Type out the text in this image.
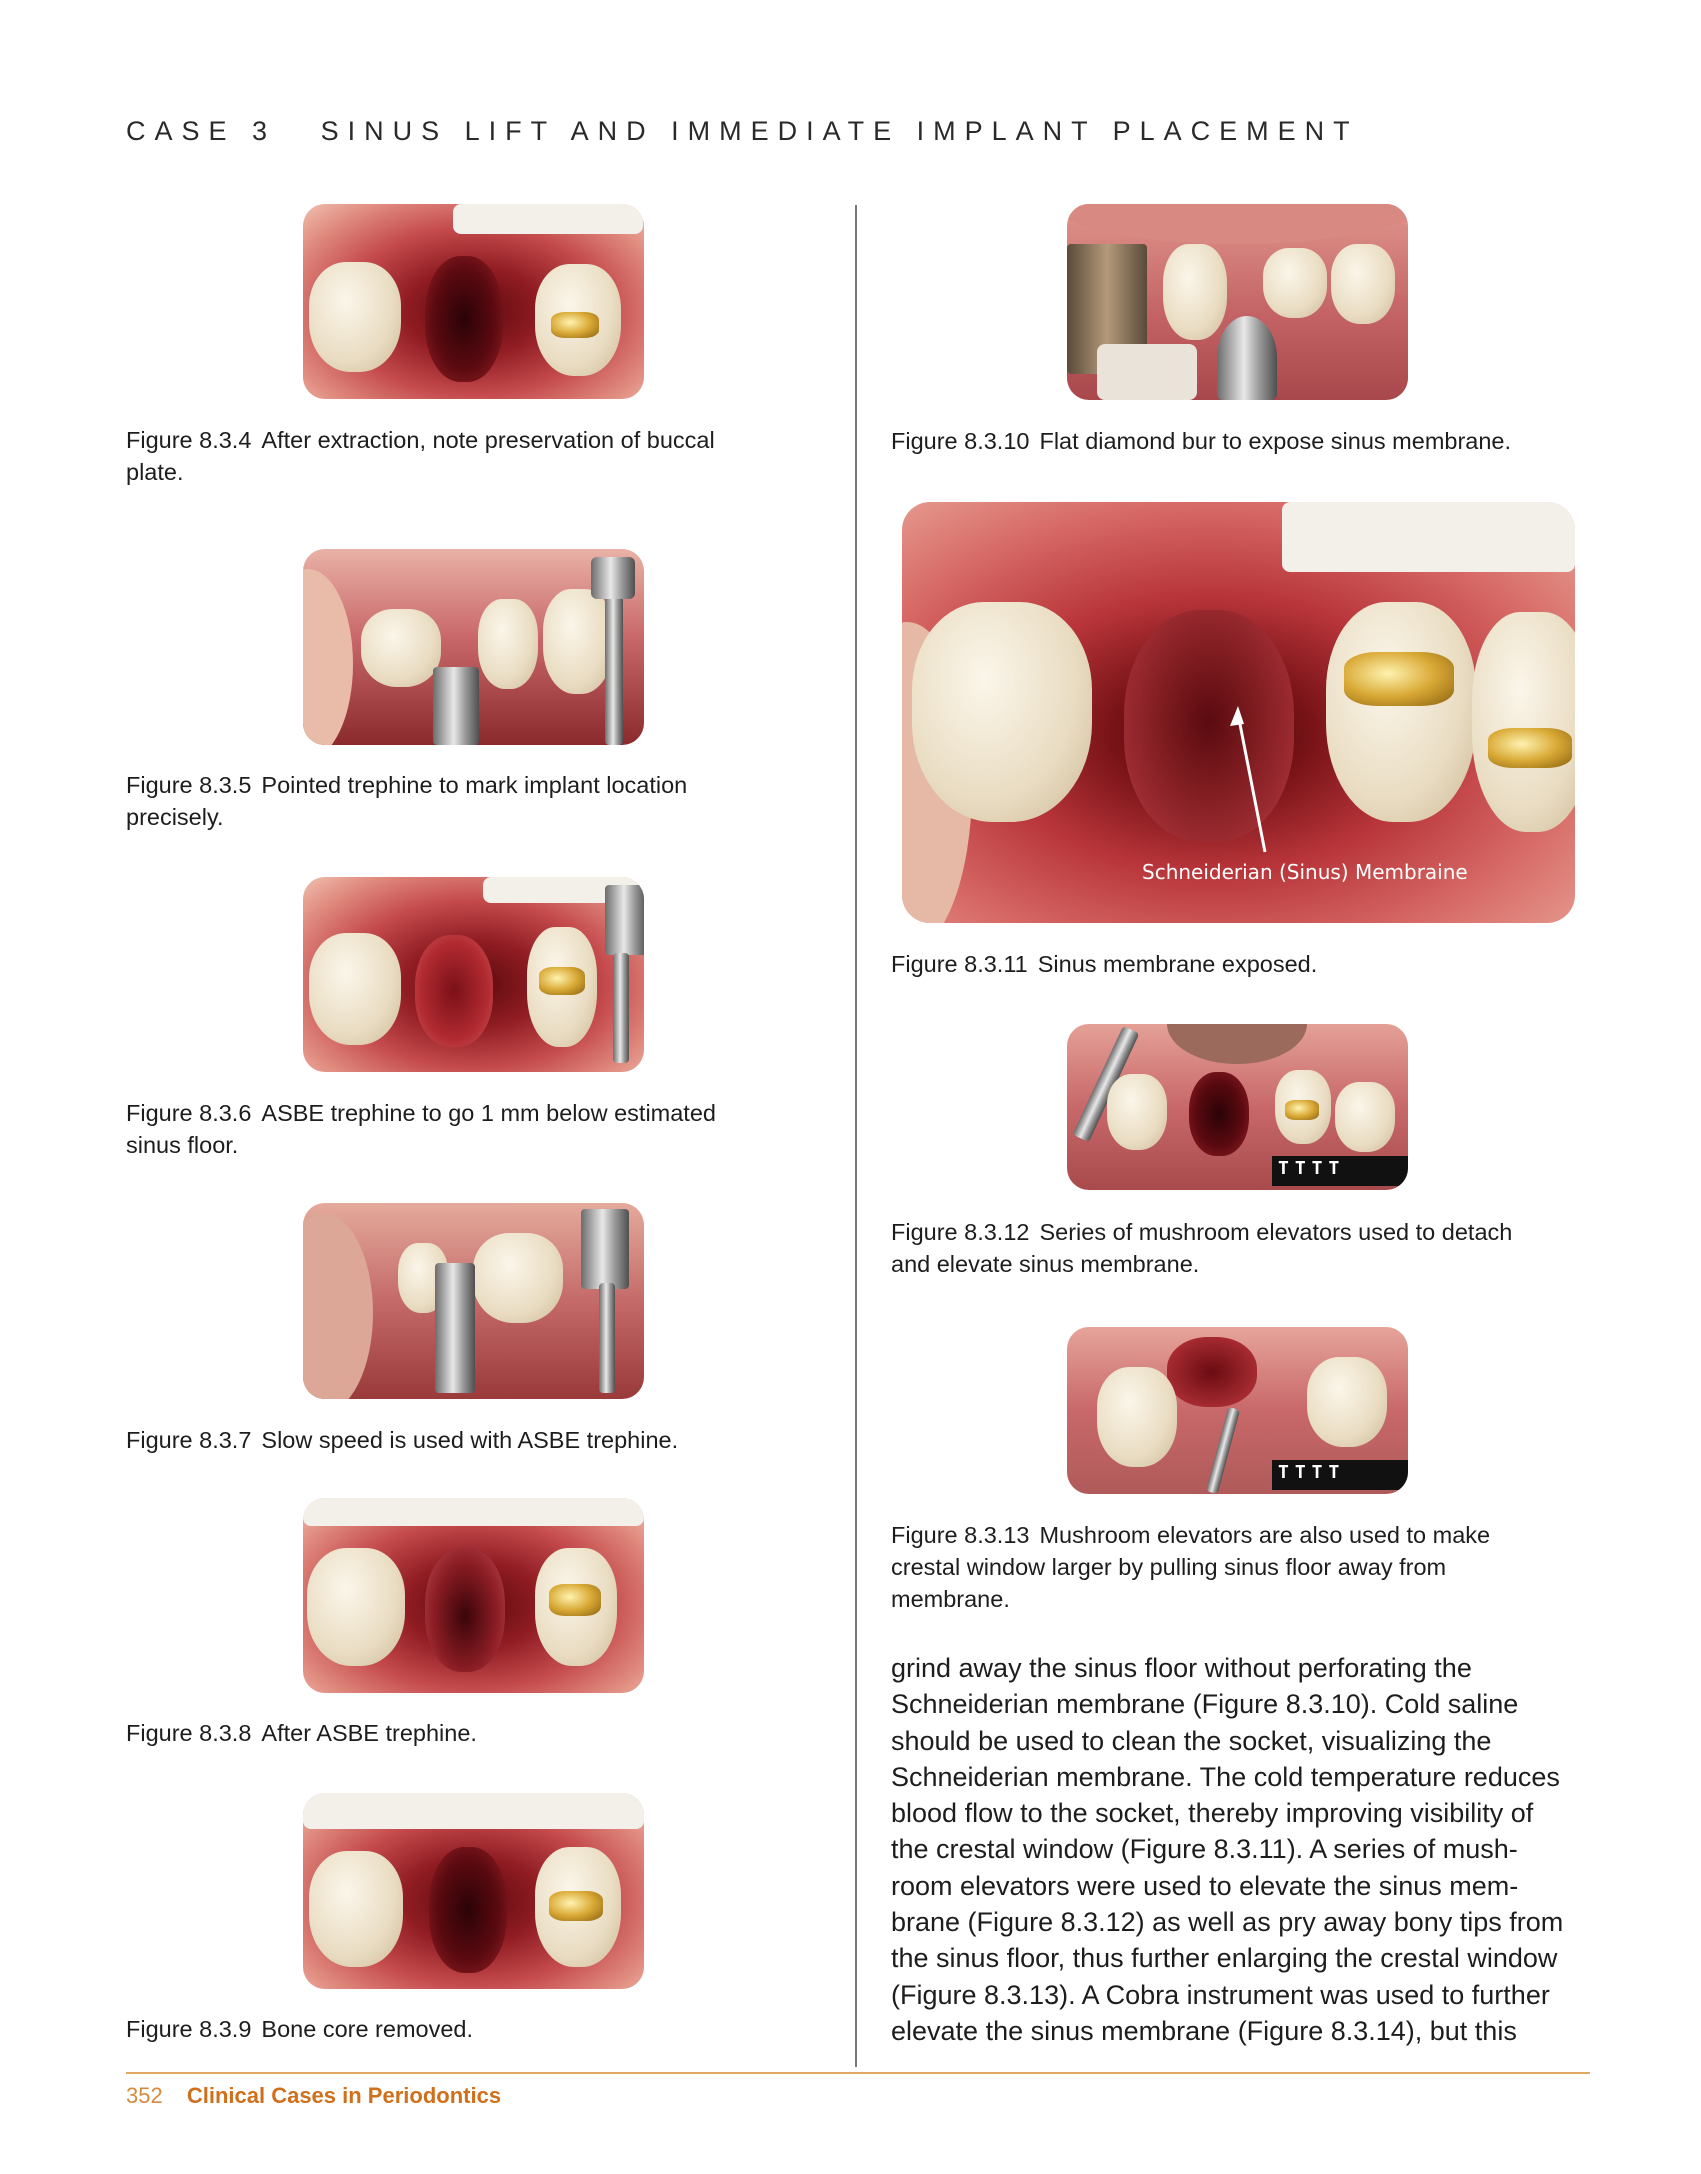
CASE 3 SINUS LIFT AND IMMEDIATE IMPLANT PLACEMENT
Figure 8.3.4 After extraction, note preservation of buccal
plate.
Figure 8.3.5 Pointed trephine to mark implant location
precisely.
Figure 8.3.6 ASBE trephine to go 1 mm below estimated
sinus floor.
Figure 8.3.7 Slow speed is used with ASBE trephine.
Figure 8.3.8 After ASBE trephine.
Figure 8.3.9 Bone core removed.
Figure 8.3.10 Flat diamond bur to expose sinus membrane.
Schneiderian (Sinus) Membraine
Figure 8.3.11 Sinus membrane exposed.
ΤΤΤΤ
Figure 8.3.12 Series of mushroom elevators used to detach
and elevate sinus membrane.
ΤΤΤΤ
Figure 8.3.13 Mushroom elevators are also used to make
crestal window larger by pulling sinus floor away from
membrane.
grind away the sinus floor without perforating the
Schneiderian membrane (Figure 8.3.10). Cold saline
should be used to clean the socket, visualizing the
Schneiderian membrane. The cold temperature reduces
blood flow to the socket, thereby improving visibility of
the crestal window (Figure 8.3.11). A series of mush-
room elevators were used to elevate the sinus mem-
brane (Figure 8.3.12) as well as pry away bony tips from
the sinus floor, thus further enlarging the crestal window
(Figure 8.3.13). A Cobra instrument was used to further
elevate the sinus membrane (Figure 8.3.14), but this
352 Clinical Cases in Periodontics
